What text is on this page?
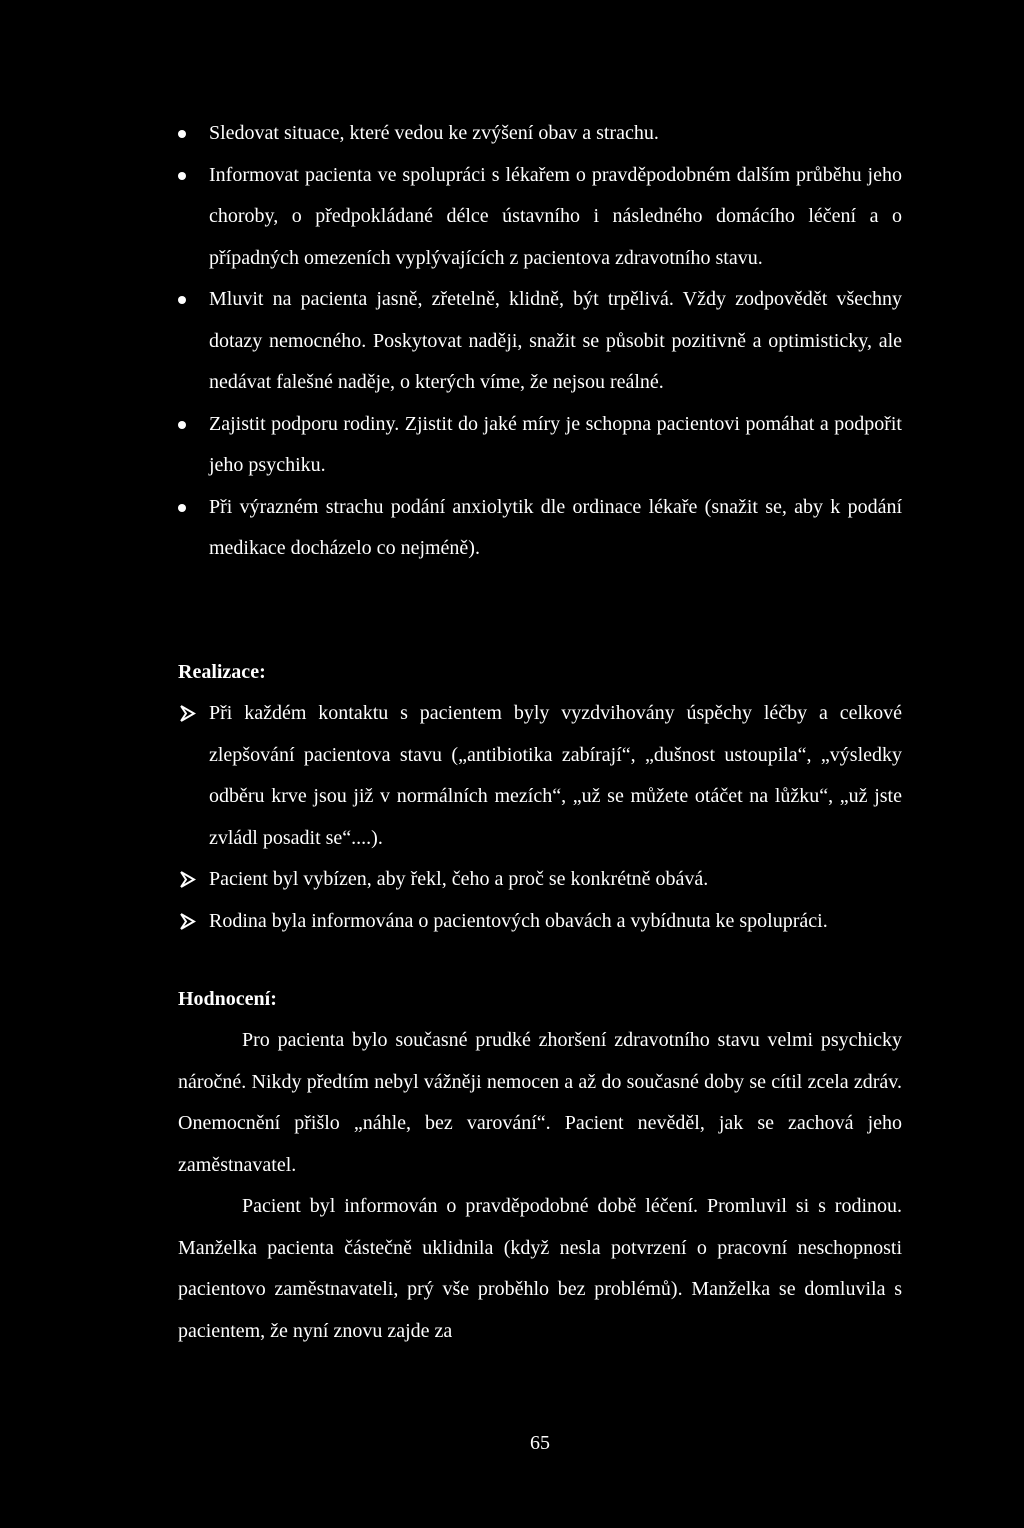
Sledovat situace, které vedou ke zvýšení obav a strachu.
Informovat pacienta ve spolupráci s lékařem o pravděpodobném dalším průběhu jeho choroby, o předpokládané délce ústavního i následného domácího léčení a o případných omezeních vyplývajících z pacientova zdravotního stavu.
Mluvit na pacienta jasně, zřetelně, klidně, být trpělivá. Vždy zodpovědět všechny dotazy nemocného. Poskytovat naději, snažit se působit pozitivně a optimisticky, ale nedávat falešné naděje, o kterých víme, že nejsou reálné.
Zajistit podporu rodiny. Zjistit do jaké míry je schopna pacientovi pomáhat a podpořit jeho psychiku.
Při výrazném strachu podání anxiolytik dle ordinace lékaře (snažit se, aby k podání medikace docházelo co nejméně).
Realizace:
Při každém kontaktu s pacientem byly vyzdvihovány úspěchy léčby a celkové zlepšování pacientova stavu („antibiotika zabírají“, „dušnost ustoupila“, „výsledky odběru krve jsou již v normálních mezích“, „už se můžete otáčet na lůžku“, „už jste zvládl posadit se“....).
Pacient byl vybízen, aby řekl, čeho a proč se konkrétně obává.
Rodina byla informována o pacientových obavách a vybídnuta ke spolupráci.
Hodnocení:

Pro pacienta bylo současné prudké zhoršení zdravotního stavu velmi psychicky náročné. Nikdy předtím nebyl vážněji nemocen a až do současné doby se cítil zcela zdráv. Onemocnění přišlo „náhle, bez varování“. Pacient nevěděl, jak se zachová jeho zaměstnavatel.

Pacient byl informován o pravděpodobné době léčení. Promluvil si s rodinou. Manželka pacienta částečně uklidnila (když nesla potvrzení o pracovní neschopnosti pacientovo zaměstnavateli, prý vše proběhlo bez problémů). Manželka se domluvila s pacientem, že nyní znovu zajde za

65
